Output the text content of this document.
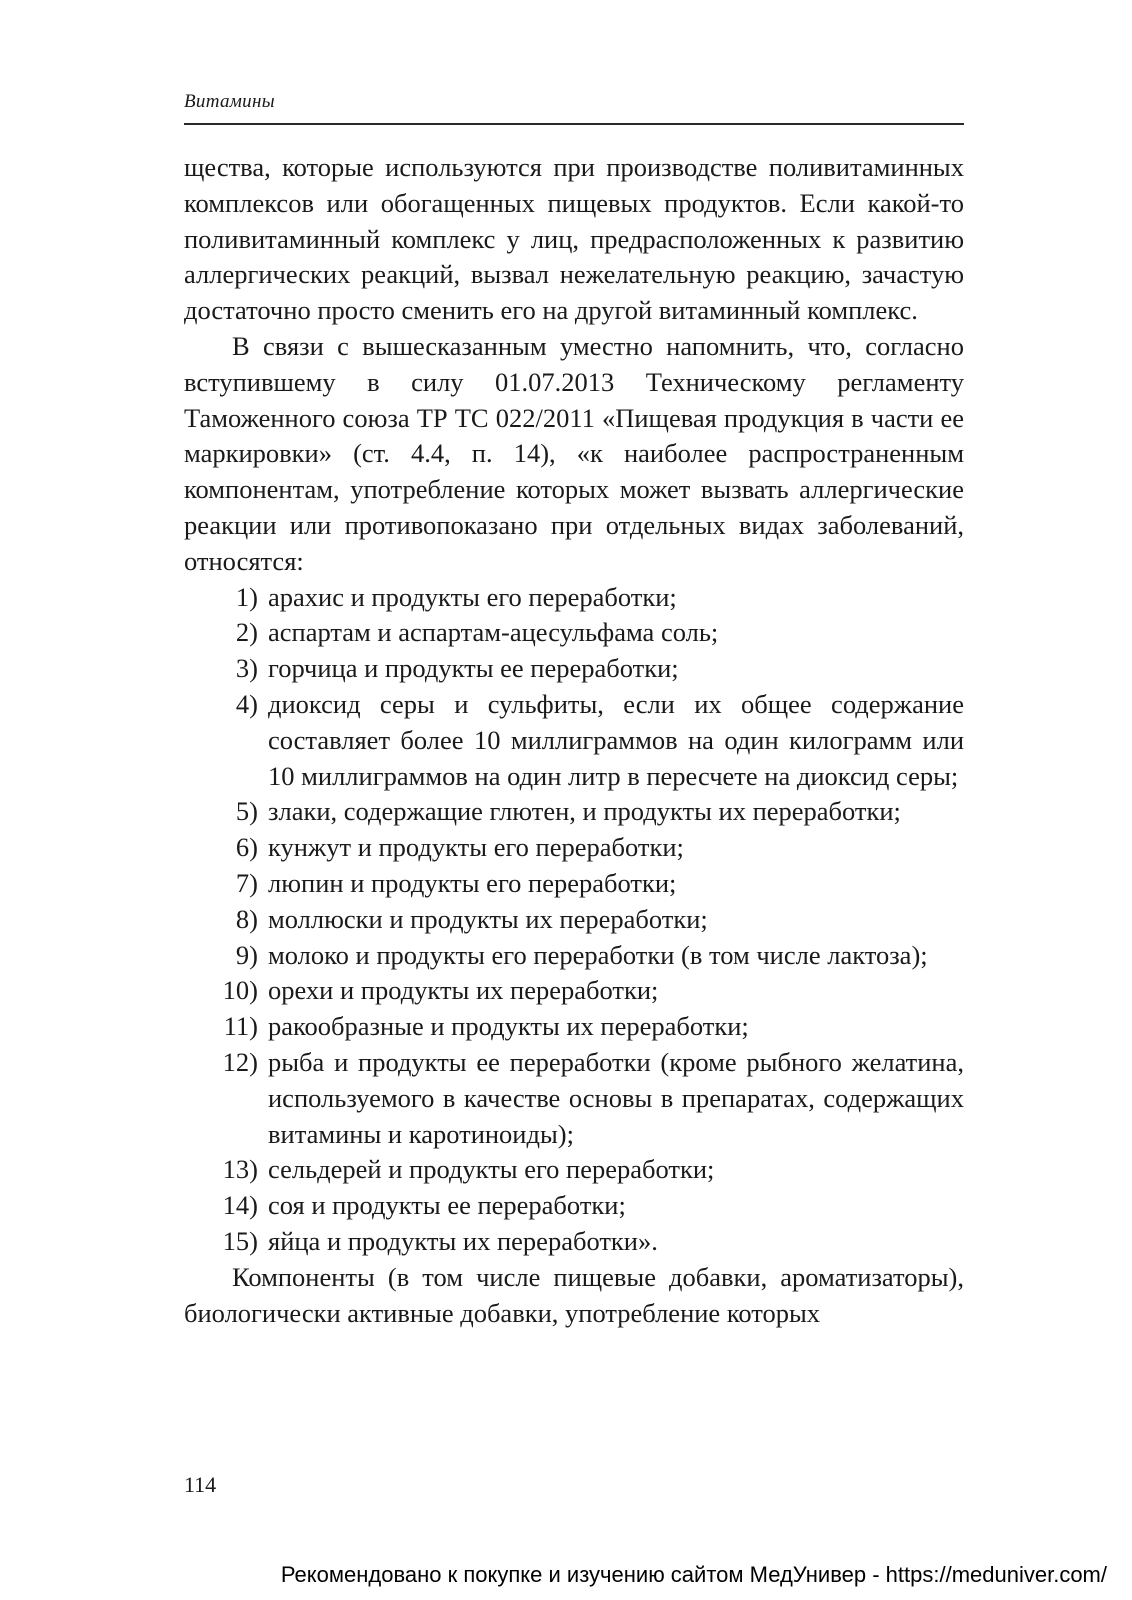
Витамины

щества, которые используются при производстве поливитаминных комплексов или обогащенных пищевых продуктов. Если какой-то поливитаминный комплекс у лиц, предрасположенных к развитию аллергических реакций, вызвал нежелательную реакцию, зачастую достаточно просто сменить его на другой витаминный комплекс.

В связи с вышесказанным уместно напомнить, что, согласно вступившему в силу 01.07.2013 Техническому регламенту Таможенного союза ТР ТС 022/2011 «Пищевая продукция в части ее маркировки» (ст. 4.4, п. 14), «к наиболее распространенным компонентам, употребление которых может вызвать аллергические реакции или противопоказано при отдельных видах заболеваний, относятся:

1) арахис и продукты его переработки;
2) аспартам и аспартам-ацесульфама соль;
3) горчица и продукты ее переработки;
4) диоксид серы и сульфиты, если их общее содержание составляет более 10 миллиграммов на один килограмм или 10 миллиграммов на один литр в пересчете на диоксид серы;
5) злаки, содержащие глютен, и продукты их переработки;
6) кунжут и продукты его переработки;
7) люпин и продукты его переработки;
8) моллюски и продукты их переработки;
9) молоко и продукты его переработки (в том числе лактоза);
10) орехи и продукты их переработки;
11) ракообразные и продукты их переработки;
12) рыба и продукты ее переработки (кроме рыбного желатина, используемого в качестве основы в препаратах, содержащих витамины и каротиноиды);
13) сельдерей и продукты его переработки;
14) соя и продукты ее переработки;
15) яйца и продукты их переработки».

Компоненты (в том числе пищевые добавки, ароматизаторы), биологически активные добавки, употребление которых

114
Рекомендовано к покупке и изучению сайтом МедУнивер - https://meduniver.com/
